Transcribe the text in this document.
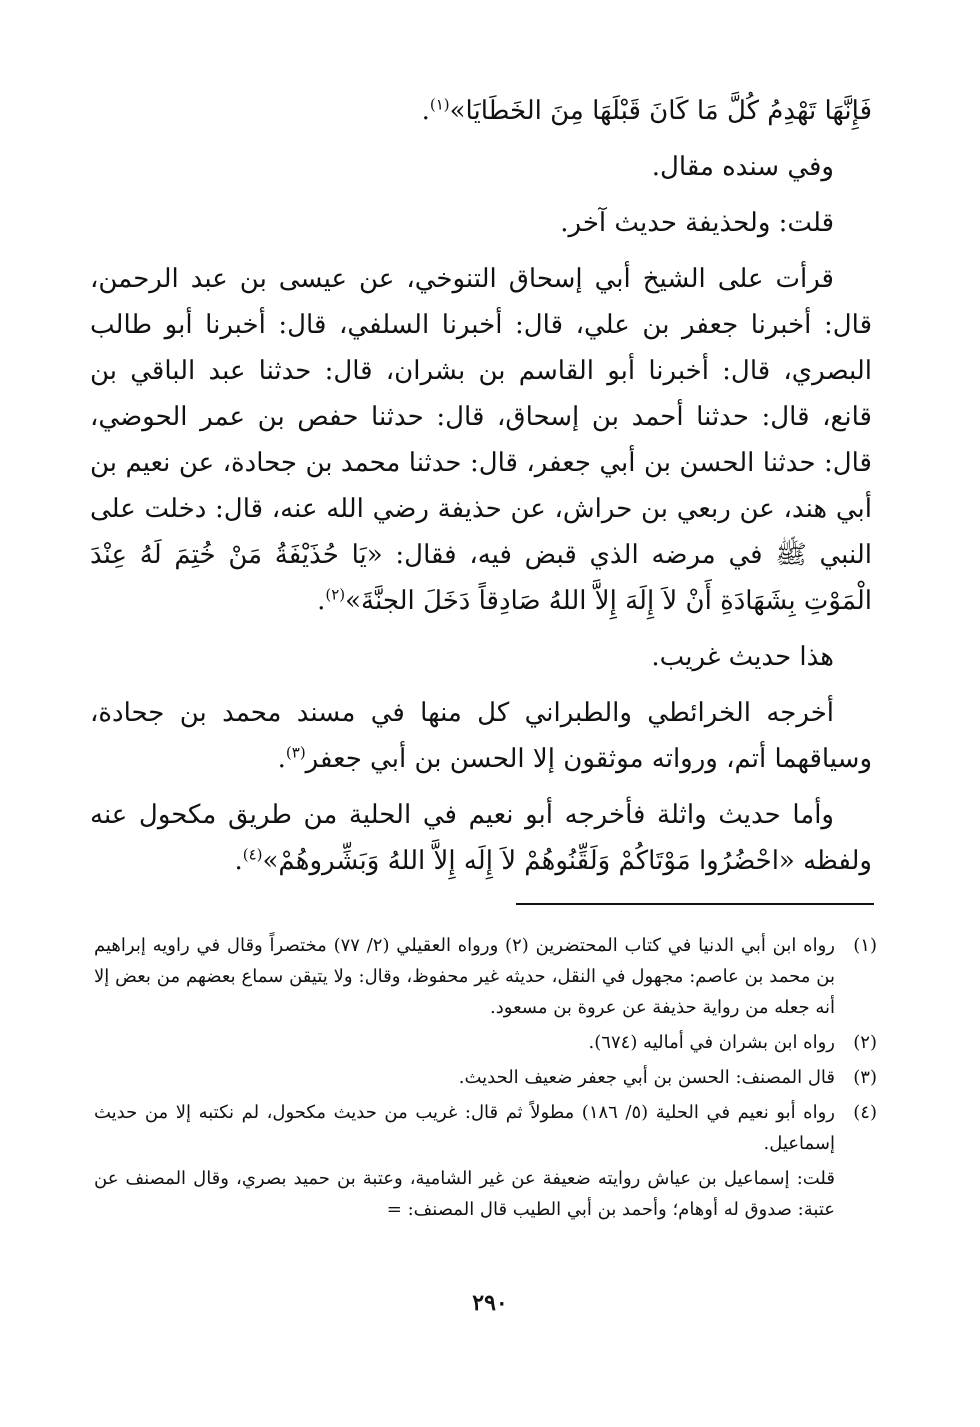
فَإِنَّهَا تَهْدِمُ كُلَّ مَا كَانَ قَبْلَهَا مِنَ الخَطَايَا»$^{(١)}$.

وفي سنده مقال.

قلت: ولحذيفة حديث آخر.

قرأت على الشيخ أبي إسحاق التنوخي، عن عيسى بن عبد الرحمن، قال: أخبرنا جعفر بن علي، قال: أخبرنا السلفي، قال: أخبرنا أبو طالب البصري، قال: أخبرنا أبو القاسم بن بشران، قال: حدثنا عبد الباقي بن قانع، قال: حدثنا أحمد بن إسحاق، قال: حدثنا حفص بن عمر الحوضي، قال: حدثنا الحسن بن أبي جعفر، قال: حدثنا محمد بن جحادة، عن نعيم بن أبي هند، عن ربعي بن حراش، عن حذيفة رضي الله عنه، قال: دخلت على النبي ﷺ في مرضه الذي قبض فيه، فقال: «يَا حُذَيْفَةُ مَنْ خُتِمَ لَهُ عِنْدَ الْمَوْتِ بِشَهَادَةِ أَنْ لاَ إِلَهَ إِلاَّ اللهُ صَادِقاً دَخَلَ الجنَّةَ»$^{(٢)}$.

هذا حديث غريب.

أخرجه الخرائطي والطبراني كل منها في مسند محمد بن جحادة، وسياقهما أتم، ورواته موثقون إلا الحسن بن أبي جعفر$^{(٣)}$.

وأما حديث واثلة فأخرجه أبو نعيم في الحلية من طريق مكحول عنه ولفظه «احْضُرُوا مَوْتَاكُمْ وَلَقِّنُوهُمْ لاَ إِلَه إِلاَّ اللهُ وَبَشِّروهُمْ»$^{(٤)}$.

(١)
رواه ابن أبي الدنيا في كتاب المحتضرين (٢) ورواه العقيلي (٢/ ٧٧) مختصراً وقال في راويه إبراهيم بن محمد بن عاصم: مجهول في النقل، حديثه غير محفوظ، وقال: ولا يتيقن سماع بعضهم من بعض إلا أنه جعله من رواية حذيفة عن عروة بن مسعود.
(٢)
رواه ابن بشران في أماليه (٦٧٤).
(٣)
قال المصنف: الحسن بن أبي جعفر ضعيف الحديث.
(٤)
رواه أبو نعيم في الحلية (٥/ ١٨٦) مطولاً ثم قال: غريب من حديث مكحول، لم نكتبه إلا من حديث إسماعيل.
قلت: إسماعيل بن عياش روايته ضعيفة عن غير الشامية، وعتبة بن حميد بصري، وقال المصنف عن عتبة: صدوق له أوهام؛ وأحمد بن أبي الطيب قال المصنف: =
٢٩٠
